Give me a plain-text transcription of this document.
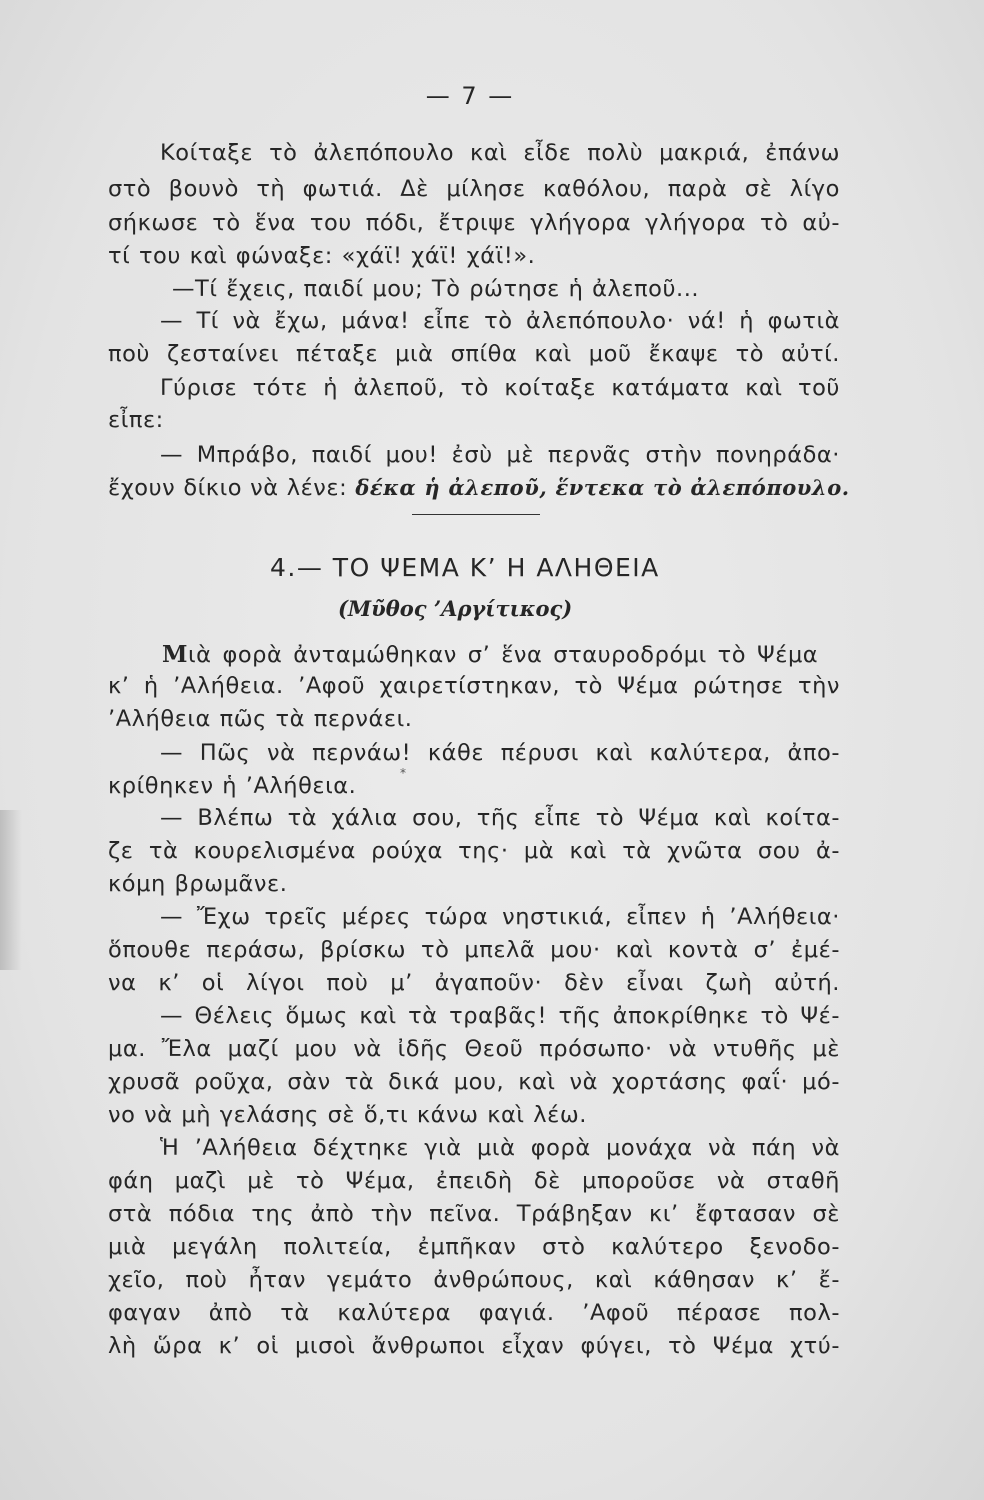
— 7 —
Κοίταξε τὸ ἀλεπόπουλο καὶ εἶδε πολὺ μακριά, ἐπάνω
στὸ βουνὸ τὴ φωτιά. Δὲ μίλησε καθόλου, παρὰ σὲ λίγο
σήκωσε τὸ ἕνα του πόδι, ἔτριψε γλήγορα γλήγορα τὸ αὐ-
τί του καὶ φώναξε: «χάϊ! χάϊ! χάϊ!».
—Τί ἔχεις, παιδί μου; Τὸ ρώτησε ἡ ἀλεποῦ...
— Τί νὰ ἔχω, μάνα! εἶπε τὸ ἀλεπόπουλο· νά! ἡ φωτιὰ
ποὺ ζεσταίνει πέταξε μιὰ σπίθα καὶ μοῦ ἔκαψε τὸ αὐτί.
Γύρισε τότε ἡ ἀλεποῦ, τὸ κοίταξε κατάματα καὶ τοῦ
εἶπε:
— Μπράβο, παιδί μου! ἐσὺ μὲ περνᾶς στὴν πονηράδα·
ἔχουν δίκιο νὰ λένε: δέκα ἡ ἀλεποῦ, ἕντεκα τὸ ἀλεπόπουλο.
4.— ΤΟ ΨΕΜΑ Κ’ Η ΑΛΗΘΕΙΑ
(Μῦθος ’Αργίτικος)
Μιὰ φορὰ ἀνταμώθηκαν σ’ ἕνα σταυροδρόμι τὸ Ψέμα
κ’ ἡ ’Αλήθεια. ’Αφοῦ χαιρετίστηκαν, τὸ Ψέμα ρώτησε τὴν
’Αλήθεια πῶς τὰ περνάει.
— Πῶς νὰ περνάω! κάθε πέρυσι καὶ καλύτερα, ἀπο-
κρίθηκεν ἡ ’Αλήθεια.
— Βλέπω τὰ χάλια σου, τῆς εἶπε τὸ Ψέμα καὶ κοίτα-
ζε τὰ κουρελισμένα ρούχα της· μὰ καὶ τὰ χνῶτα σου ἀ-
κόμη βρωμᾶνε.
— Ἔχω τρεῖς μέρες τώρα νηστικιά, εἶπεν ἡ ’Αλήθεια·
ὅπουθε περάσω, βρίσκω τὸ μπελᾶ μου· καὶ κοντὰ σ’ ἐμέ-
να κ’ οἱ λίγοι ποὺ μ’ ἀγαποῦν· δὲν εἶναι ζωὴ αὐτή.
— Θέλεις ὅμως καὶ τὰ τραβᾶς! τῆς ἀποκρίθηκε τὸ Ψέ-
μα. Ἔλα μαζί μου νὰ ἰδῆς Θεοῦ πρόσωπο· νὰ ντυθῆς μὲ
χρυσᾶ ροῦχα, σὰν τὰ δικά μου, καὶ νὰ χορτάσης φαΐ· μό-
νο νὰ μὴ γελάσης σὲ ὅ,τι κάνω καὶ λέω.
Ἡ ’Αλήθεια δέχτηκε γιὰ μιὰ φορὰ μονάχα νὰ πάη νὰ
φάη μαζὶ μὲ τὸ Ψέμα, ἐπειδὴ δὲ μποροῦσε νὰ σταθῆ
στὰ πόδια της ἀπὸ τὴν πεῖνα. Τράβηξαν κι’ ἔφτασαν σὲ
μιὰ μεγάλη πολιτεία, ἐμπῆκαν στὸ καλύτερο ξενοδο-
χεῖο, ποὺ ἦταν γεμάτο ἀνθρώπους, καὶ κάθησαν κ’ ἔ-
φαγαν ἀπὸ τὰ καλύτερα φαγιά. ’Αφοῦ πέρασε πολ-
λὴ ὥρα κ’ οἱ μισοὶ ἄνθρωποι εἶχαν φύγει, τὸ Ψέμα χτύ-
*
